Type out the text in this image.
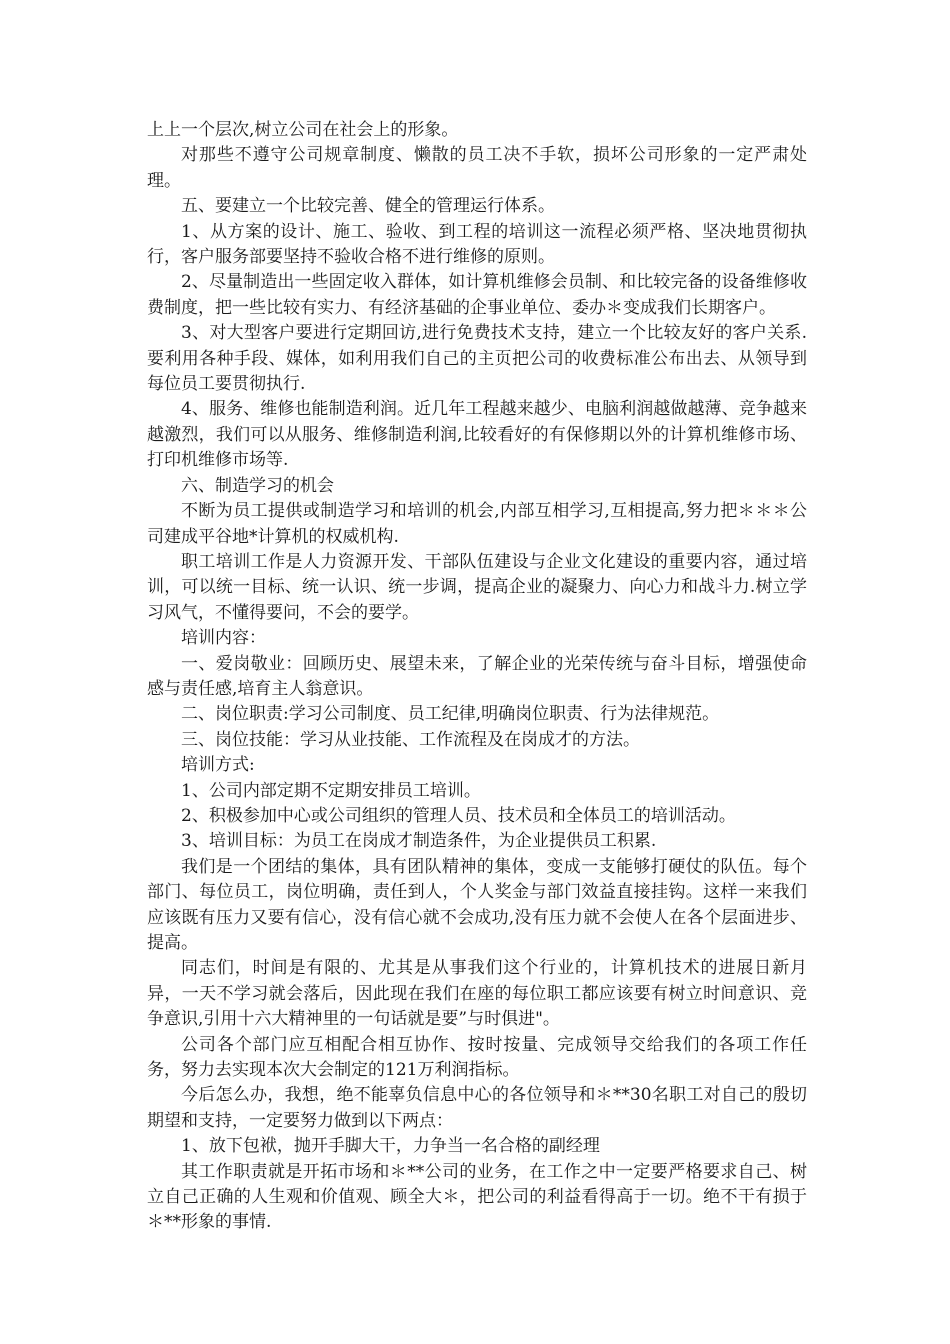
上上一个层次,树立公司在社会上的形象。

对那些不遵守公司规章制度、懒散的员工决不手软，损坏公司形象的一定严肃处理。

五、要建立一个比较完善、健全的管理运行体系。

1、从方案的设计、施工、验收、到工程的培训这一流程必须严格、坚决地贯彻执行，客户服务部要坚持不验收合格不进行维修的原则。

2、尽量制造出一些固定收入群体，如计算机维修会员制、和比较完备的设备维修收费制度，把一些比较有实力、有经济基础的企事业单位、委办＊变成我们长期客户。

3、对大型客户要进行定期回访,进行免费技术支持，建立一个比较友好的客户关系.要利用各种手段、媒体，如利用我们自己的主页把公司的收费标准公布出去、从领导到每位员工要贯彻执行.

4、服务、维修也能制造利润。近几年工程越来越少、电脑利润越做越薄、竞争越来越激烈，我们可以从服务、维修制造利润,比较看好的有保修期以外的计算机维修市场、打印机维修市场等.

六、制造学习的机会

不断为员工提供或制造学习和培训的机会,内部互相学习,互相提高,努力把＊＊＊公司建成平谷地*计算机的权威机构.

职工培训工作是人力资源开发、干部队伍建设与企业文化建设的重要内容，通过培训，可以统一目标、统一认识、统一步调，提高企业的凝聚力、向心力和战斗力.树立学习风气，不懂得要问，不会的要学。

培训内容：

一、爱岗敬业：回顾历史、展望未来，了解企业的光荣传统与奋斗目标，增强使命感与责任感,培育主人翁意识。

二、岗位职责:学习公司制度、员工纪律,明确岗位职责、行为法律规范。

三、岗位技能：学习从业技能、工作流程及在岗成才的方法。

培训方式:

1、公司内部定期不定期安排员工培训。

2、积极参加中心或公司组织的管理人员、技术员和全体员工的培训活动。

3、培训目标：为员工在岗成才制造条件，为企业提供员工积累.

我们是一个团结的集体，具有团队精神的集体，变成一支能够打硬仗的队伍。每个部门、每位员工，岗位明确，责任到人，个人奖金与部门效益直接挂钩。这样一来我们应该既有压力又要有信心，没有信心就不会成功,没有压力就不会使人在各个层面进步、提高。

同志们，时间是有限的、尤其是从事我们这个行业的，计算机技术的进展日新月异，一天不学习就会落后，因此现在我们在座的每位职工都应该要有树立时间意识、竞争意识,引用十六大精神里的一句话就是要”与时俱进"。

公司各个部门应互相配合相互协作、按时按量、完成领导交给我们的各项工作任务，努力去实现本次大会制定的121万利润指标。

今后怎么办，我想，绝不能辜负信息中心的各位领导和＊**30名职工对自己的殷切期望和支持，一定要努力做到以下两点：

1、放下包袱，抛开手脚大干，力争当一名合格的副经理

其工作职责就是开拓市场和＊**公司的业务，在工作之中一定要严格要求自己、树立自己正确的人生观和价值观、顾全大＊，把公司的利益看得高于一切。绝不干有损于＊**形象的事情.
